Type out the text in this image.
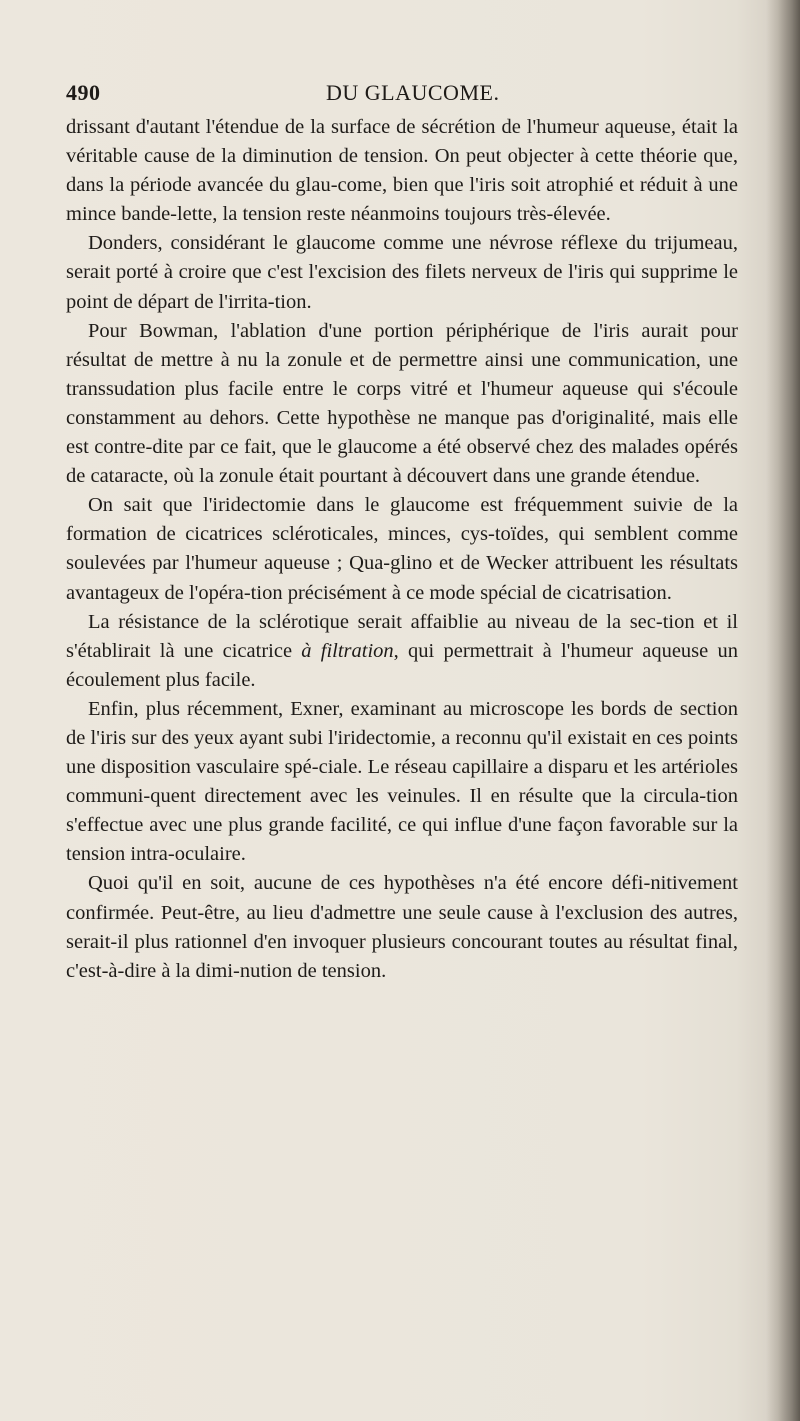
490	DU GLAUCOME.

drissant d'autant l'étendue de la surface de sécrétion de l'humeur aqueuse, était la véritable cause de la diminution de tension. On peut objecter à cette théorie que, dans la période avancée du glau-come, bien que l'iris soit atrophié et réduit à une mince bande-lette, la tension reste néanmoins toujours très-élevée.

Donders, considérant le glaucome comme une névrose réflexe du trijumeau, serait porté à croire que c'est l'excision des filets nerveux de l'iris qui supprime le point de départ de l'irrita-tion.

Pour Bowman, l'ablation d'une portion périphérique de l'iris aurait pour résultat de mettre à nu la zonule et de permettre ainsi une communication, une transsudation plus facile entre le corps vitré et l'humeur aqueuse qui s'écoule constamment au dehors. Cette hypothèse ne manque pas d'originalité, mais elle est contre-dite par ce fait, que le glaucome a été observé chez des malades opérés de cataracte, où la zonule était pourtant à découvert dans une grande étendue.

On sait que l'iridectomie dans le glaucome est fréquemment suivie de la formation de cicatrices scléroticales, minces, cys-toïdes, qui semblent comme soulevées par l'humeur aqueuse ; Qua-glino et de Wecker attribuent les résultats avantageux de l'opéra-tion précisément à ce mode spécial de cicatrisation.

La résistance de la sclérotique serait affaiblie au niveau de la sec-tion et il s'établirait là une cicatrice à filtration, qui permettrait à l'humeur aqueuse un écoulement plus facile.

Enfin, plus récemment, Exner, examinant au microscope les bords de section de l'iris sur des yeux ayant subi l'iridectomie, a reconnu qu'il existait en ces points une disposition vasculaire spé-ciale. Le réseau capillaire a disparu et les artérioles communi-quent directement avec les veinules. Il en résulte que la circula-tion s'effectue avec une plus grande facilité, ce qui influe d'une façon favorable sur la tension intra-oculaire.

Quoi qu'il en soit, aucune de ces hypothèses n'a été encore défi-nitivement confirmée. Peut-être, au lieu d'admettre une seule cause à l'exclusion des autres, serait-il plus rationnel d'en invoquer plusieurs concourant toutes au résultat final, c'est-à-dire à la dimi-nution de tension.
